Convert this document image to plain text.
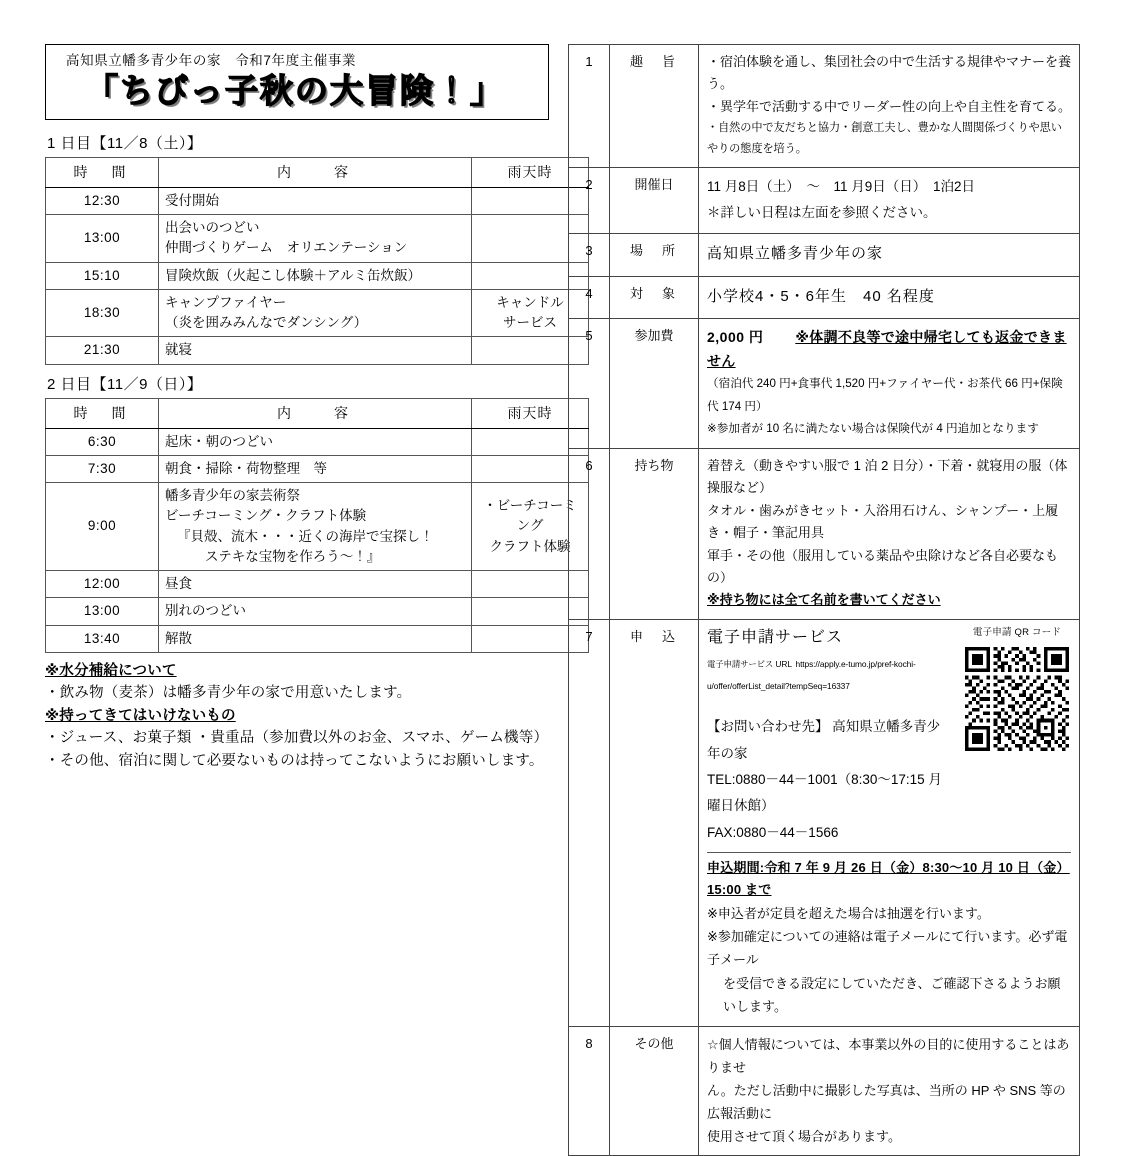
高知県立幡多青少年の家　令和7年度主催事業
「ちびっ子秋の大冒険！」
1 日目【11／8（土）】
時　間	内　　容	雨天時
12:30	受付開始	

13:00	出会いのつどい
仲間づくりゲーム　オリエンテーション	

15:10	冒険炊飯（火起こし体験＋アルミ缶炊飯）	

18:30	キャンプファイヤー
（炎を囲みみんなでダンシング）	キャンドル
サービス

21:30	就寝	

2 日目【11／9（日）】
時　間	内　　容	雨天時
6:30	起床・朝のつどい	

7:30	朝食・掃除・荷物整理　等	

9:00	幡多青少年の家芸術祭
ビーチコーミング・クラフト体験
『貝殻、流木・・・近くの海岸で宝探し！
ステキな宝物を作ろう〜！』	・ビーチコーミング
クラフト体験

12:00	昼食	

13:00	別れのつどい	

13:40	解散	

※水分補給について
・飲み物（麦茶）は幡多青少年の家で用意いたします。
※持ってきてはいけないもの
・ジュース、お菓子類 ・貴重品（参加費以外のお金、スマホ、ゲーム機等）
・その他、宿泊に関して必要ないものは持ってこないようにお願いします。
1	趣　旨	・宿泊体験を通し、集団社会の中で生活する規律やマナーを養う。
・異学年で活動する中でリーダー性の向上や自主性を育てる。
・自然の中で友だちと協力・創意工夫し、豊かな人間関係づくりや思いやりの態度を培う。

2	開催日	11 月8日（土）　〜　11 月9日（日）　1泊2日
＊詳しい日程は左面を参照ください。

3	場　所	高知県立幡多青少年の家

4	対　象	小学校4・5・6年生　40 名程度

5	参加費	2,000 円 ※体調不良等で途中帰宅しても返金できません
（宿泊代 240 円+食事代 1,520 円+ファイヤー代・お茶代 66 円+保険代 174 円）
※参加者が 10 名に満たない場合は保険代が 4 円追加となります

6	持ち物	着替え（動きやすい服で 1 泊 2 日分）・下着・就寝用の服（体操服など）
タオル・歯みがきセット・入浴用石けん、シャンプー・上履き・帽子・筆記用具
軍手・その他（服用している薬品や虫除けなど各自必要なもの）
※持ち物には全て名前を書いてください

7	申　込	電子申請 QR コード
電子申請サービス
電子申請サービス URL https://apply.e-tumo.jp/pref-kochi-u/offer/offerList_detail?tempSeq=16337
【お問い合わせ先】 高知県立幡多青少年の家
TEL:0880－44－1001（8:30〜17:15 月曜日休館）
FAX:0880－44－1566
申込期間:令和 7 年 9 月 26 日（金）8:30〜10 月 10 日（金）15:00 まで
※申込者が定員を超えた場合は抽選を行います。
※参加確定についての連絡は電子メールにて行います。必ず電子メール
を受信できる設定にしていただき、ご確認下さるようお願いします。

8	その他	☆個人情報については、本事業以外の目的に使用することはありませ
ん。ただし活動中に撮影した写真は、当所の HP や SNS 等の広報活動に
使用させて頂く場合があります。
